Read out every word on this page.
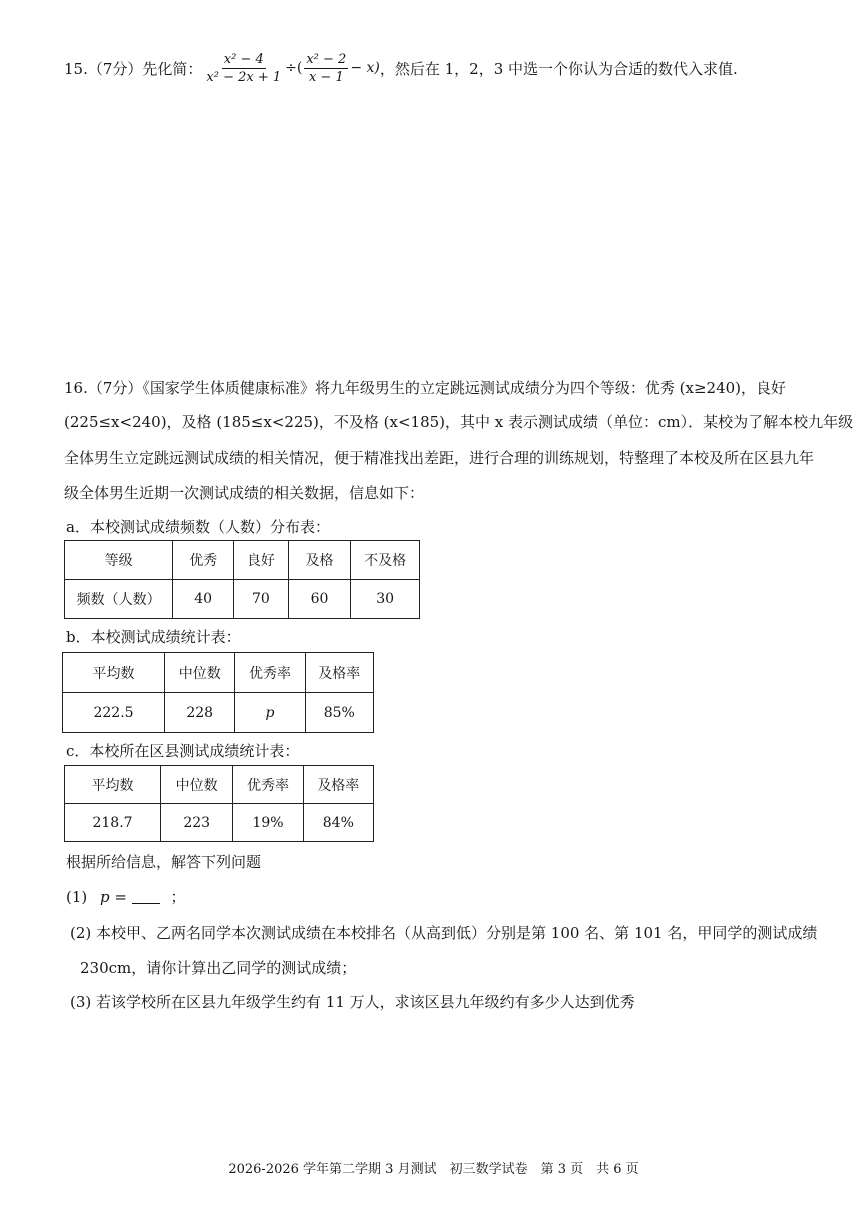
15.（7分）先化简： $\frac{\text{x² − 4}}{\text{x² − 2x + 1}}$ ÷( $\frac{\text{x² − 2}}{x - 1} - x$) ，然后在 1，2，3 中选一个你认为合适的数代入求值.
16.（7分）《国家学生体质健康标准》将九年级男生的立定跳远测试成绩分为四个等级：优秀 (x≥240)，良好
(225≤x<240)，及格 (185≤x<225)，不及格 (x<185)，其中 x 表示测试成绩（单位：cm）．某校为了解本校九年级
全体男生立定跳远测试成绩的相关情况，便于精准找出差距，进行合理的训练规划，特整理了本校及所在区县九年
级全体男生近期一次测试成绩的相关数据，信息如下：
a．本校测试成绩频数（人数）分布表：
等级	优秀	良好	及格	不及格
频数（人数）	40	70	60	30
b．本校测试成绩统计表：
平均数	中位数	优秀率	及格率
222.5	228	p	85%
c．本校所在区县测试成绩统计表：
平均数	中位数	优秀率	及格率
218.7	223	19%	84%
根据所给信息，解答下列问题
(1) p =	；
(2) 本校甲、乙两名同学本次测试成绩在本校排名（从高到低）分别是第 100 名、第 101 名，甲同学的测试成绩
230cm，请你计算出乙同学的测试成绩；
(3) 若该学校所在区县九年级学生约有 11 万人，求该区县九年级约有多少人达到优秀
2026-2026 学年第二学期 3 月测试　初三数学试卷　第 3 页　共 6 页
